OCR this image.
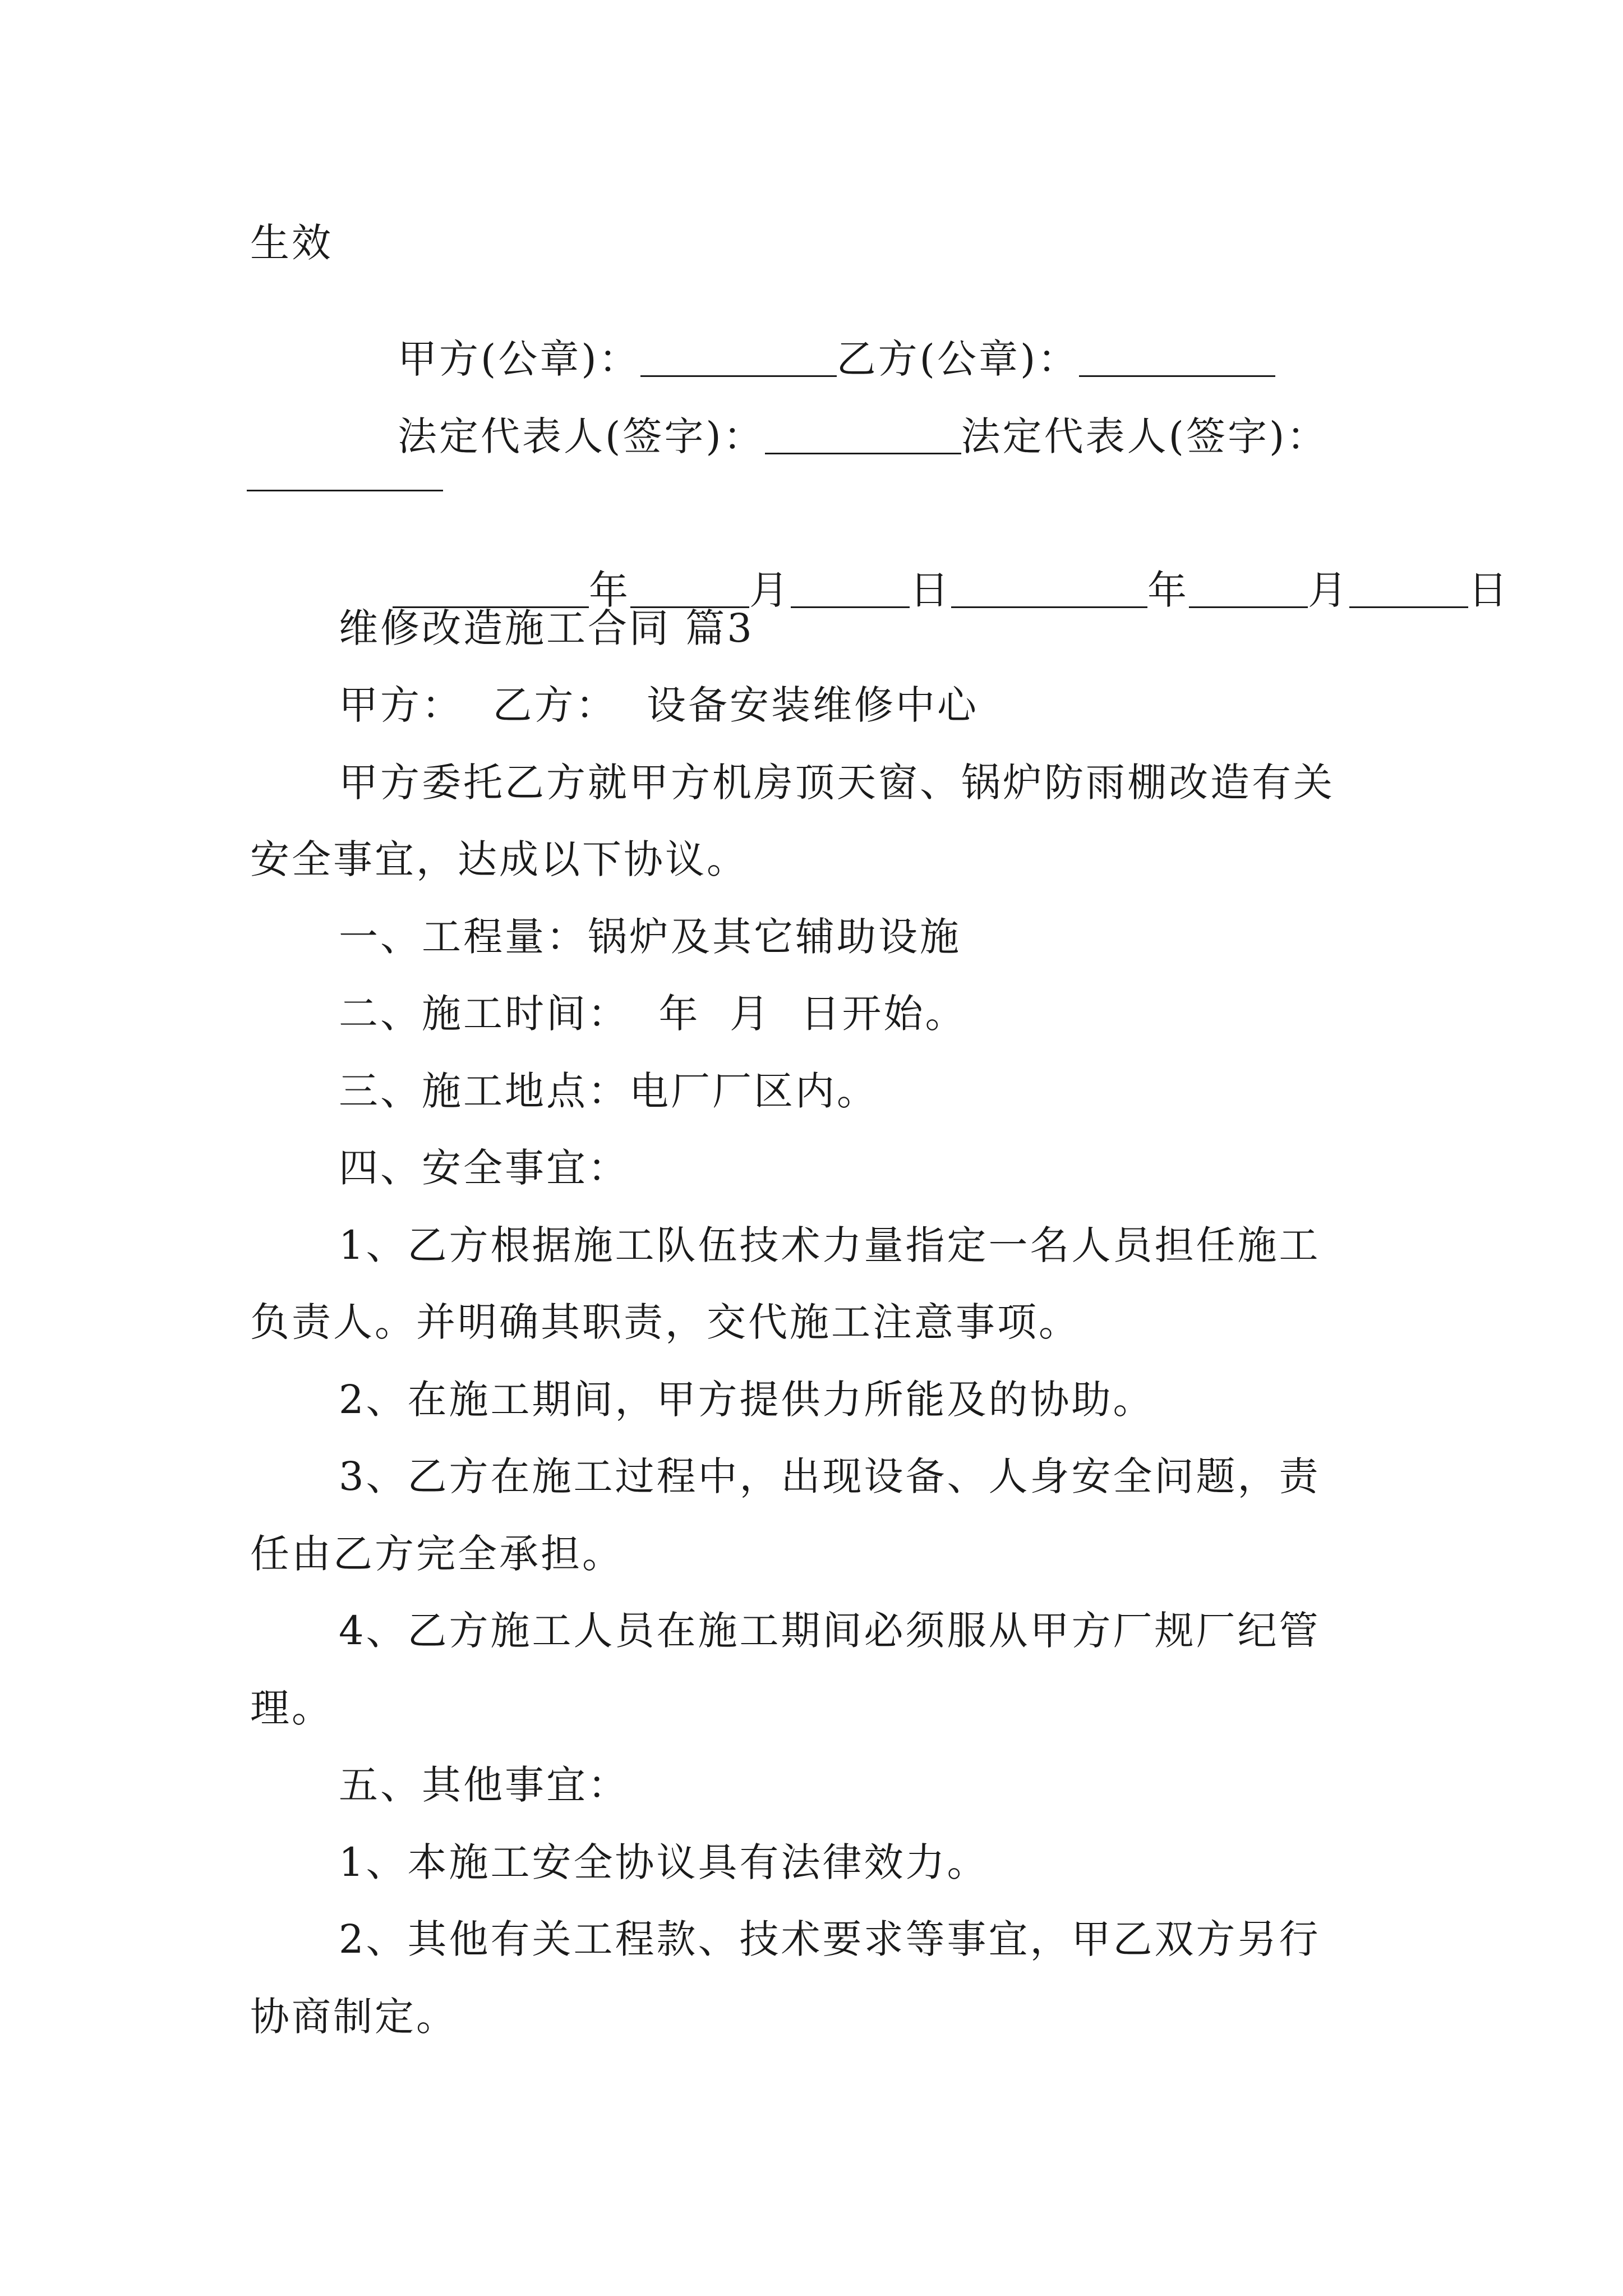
生效

甲方(公章)：	乙方(公章)：

法定代表人(签字)：	法定代表人(签字)：

年	月	日	年	月	日

维修改造施工合同 篇3
甲方：  乙方：  设备安装维修中心
甲方委托乙方就甲方机房顶天窗、锅炉防雨棚改造有关
安全事宜，达成以下协议。
一、工程量：锅炉及其它辅助设施
二、施工时间：  年  月  日开始。
三、施工地点：电厂厂区内。
四、安全事宜：
1、乙方根据施工队伍技术力量指定一名人员担任施工
负责人。并明确其职责，交代施工注意事项。
2、在施工期间，甲方提供力所能及的协助。
3、乙方在施工过程中，出现设备、人身安全问题，责
任由乙方完全承担。
4、乙方施工人员在施工期间必须服从甲方厂规厂纪管
理。
五、其他事宜：
1、本施工安全协议具有法律效力。
2、其他有关工程款、技术要求等事宜，甲乙双方另行
协商制定。
